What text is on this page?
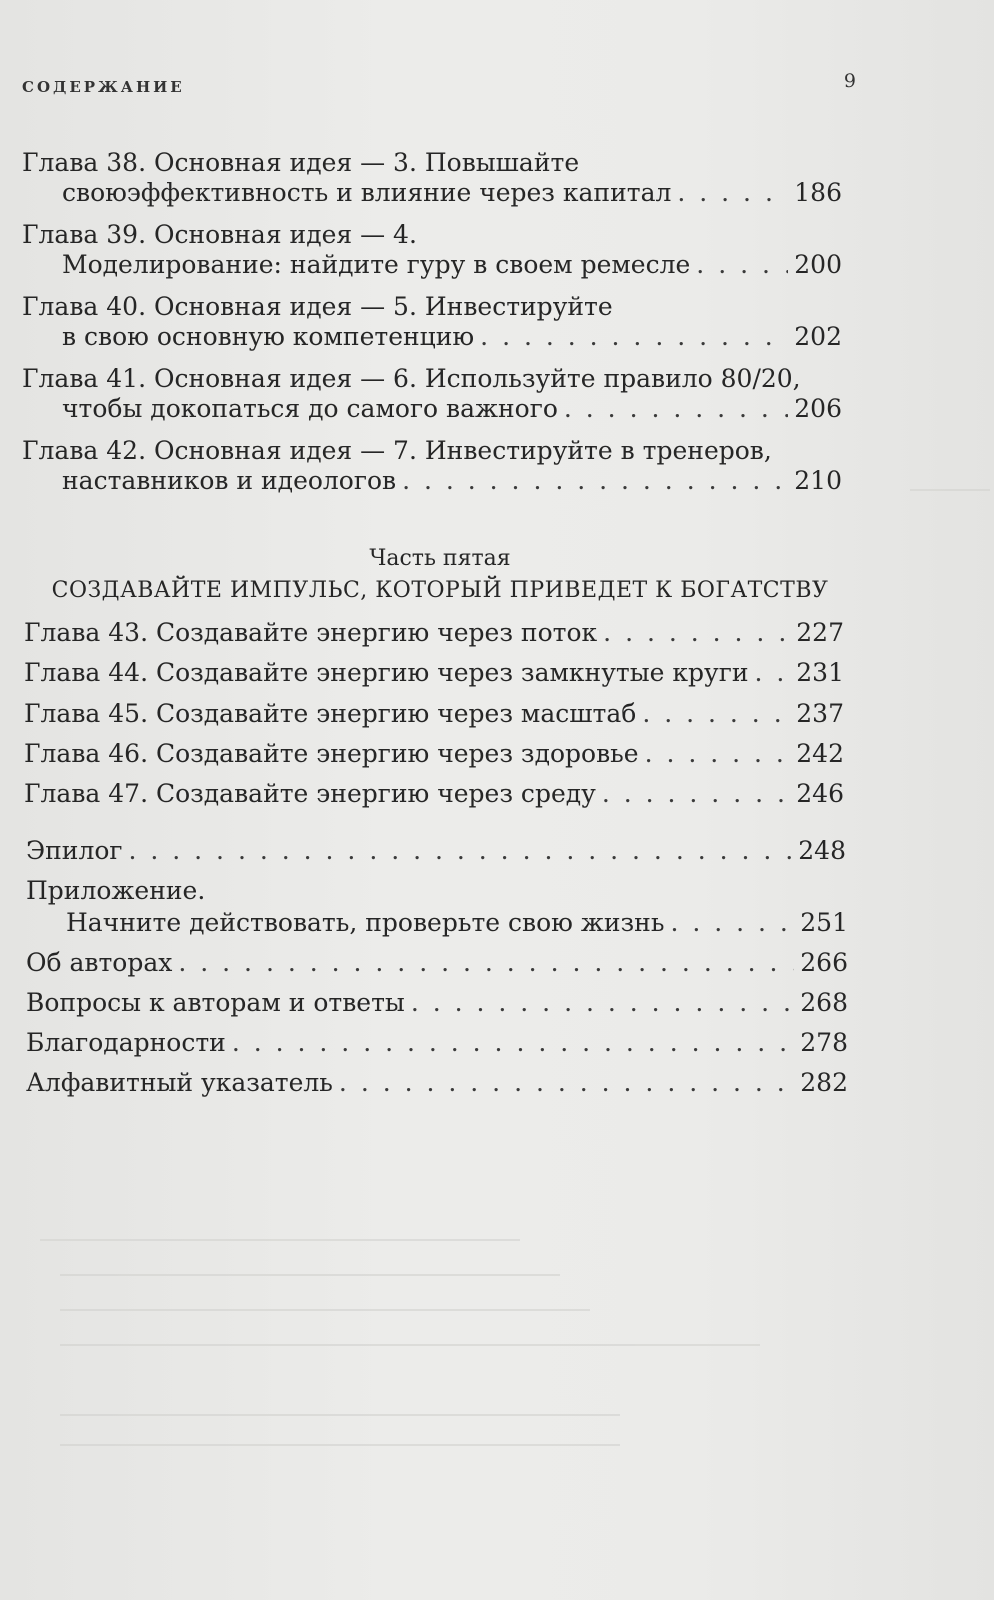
СОДЕРЖАНИЕ	9
Глава 38. Основная идея — 3. Повышайте
своюэффективность и влияние через капитал . . .	186
Глава 39. Основная идея — 4.
Моделирование: найдите гуру в своем ремесле . . .	200
Глава 40. Основная идея — 5. Инвестируйте
в свою основную компетенцию . . .	202
Глава 41. Основная идея — 6. Используйте правило 80/20,
чтобы докопаться до самого важного . . .	206
Глава 42. Основная идея — 7. Инвестируйте в тренеров,
наставников и идеологов . . .	210
Часть пятая
СОЗДАВАЙТЕ ИМПУЛЬС, КОТОРЫЙ ПРИВЕДЕТ К БОГАТСТВУ
Глава 43. Создавайте энергию через поток . . .	227
Глава 44. Создавайте энергию через замкнутые круги . . . 231
Глава 45. Создавайте энергию через масштаб . . .	237
Глава 46. Создавайте энергию через здоровье . . .	242
Глава 47. Создавайте энергию через среду . . .	246
Эпилог . . .	248
Приложение.
Начните действовать, проверьте свою жизнь . . .	251
Об авторах . . .	266
Вопросы к авторам и ответы . . .	268
Благодарности . . .	278
Алфавитный указатель . . .	282
